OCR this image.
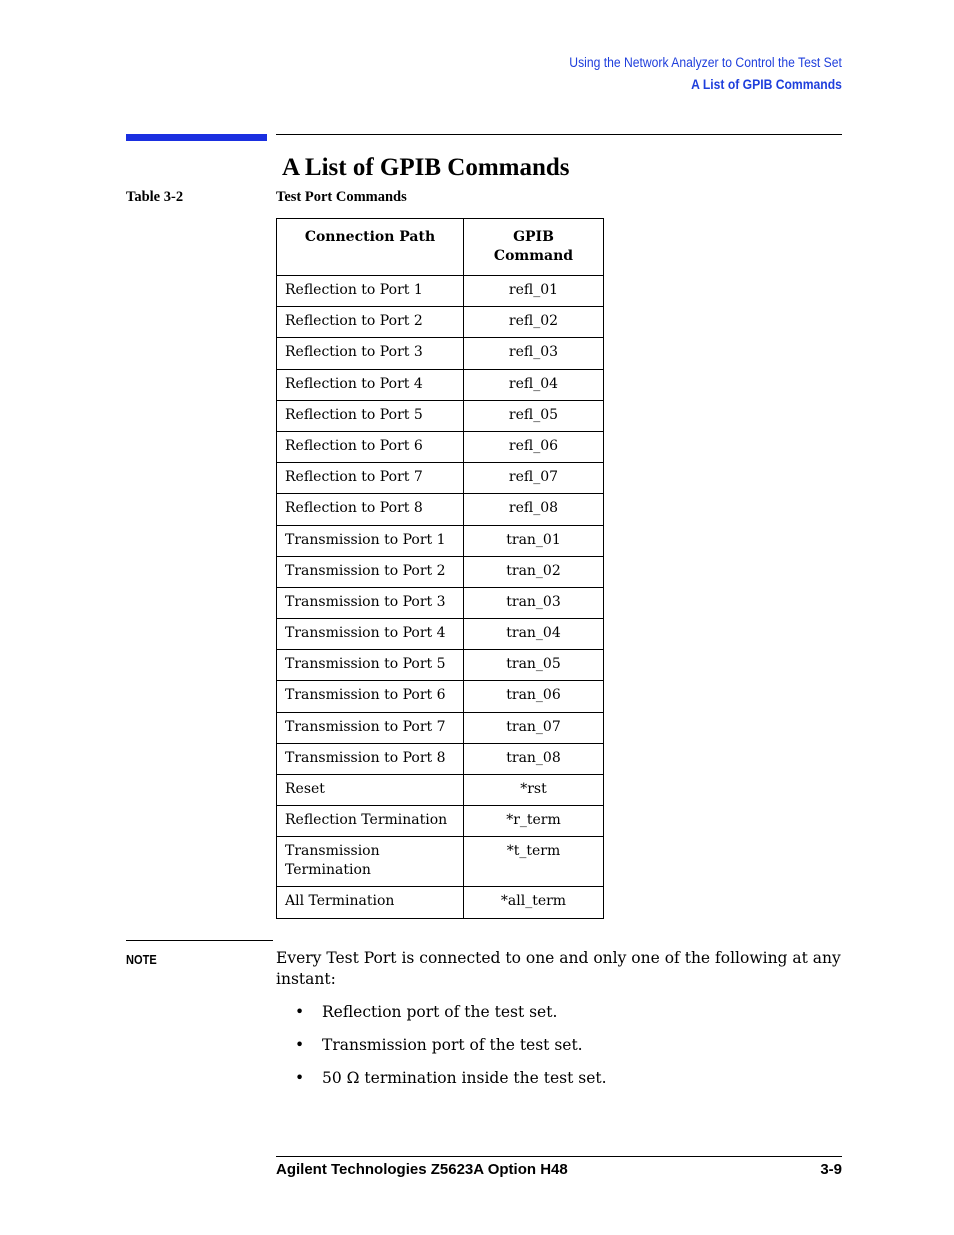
Using the Network Analyzer to Control the Test Set
A List of GPIB Commands
A List of GPIB Commands
Table 3-2	Test Port Commands
Connection Path	GPIB
Command

Reflection to Port 1	refl_01
Reflection to Port 2	refl_02
Reflection to Port 3	refl_03
Reflection to Port 4	refl_04
Reflection to Port 5	refl_05
Reflection to Port 6	refl_06
Reflection to Port 7	refl_07
Reflection to Port 8	refl_08
Transmission to Port 1	tran_01
Transmission to Port 2	tran_02
Transmission to Port 3	tran_03
Transmission to Port 4	tran_04
Transmission to Port 5	tran_05
Transmission to Port 6	tran_06
Transmission to Port 7	tran_07
Transmission to Port 8	tran_08
Reset	*rst
Reflection Termination	*r_term
Transmission Termination	*t_term
All Termination	*all_term
NOTE	Every Test Port is connected to one and only one of the following at any instant:

• Reflection port of the test set.
• Transmission port of the test set.
• 50 Ω termination inside the test set.
Agilent Technologies Z5623A Option H48	3-9
